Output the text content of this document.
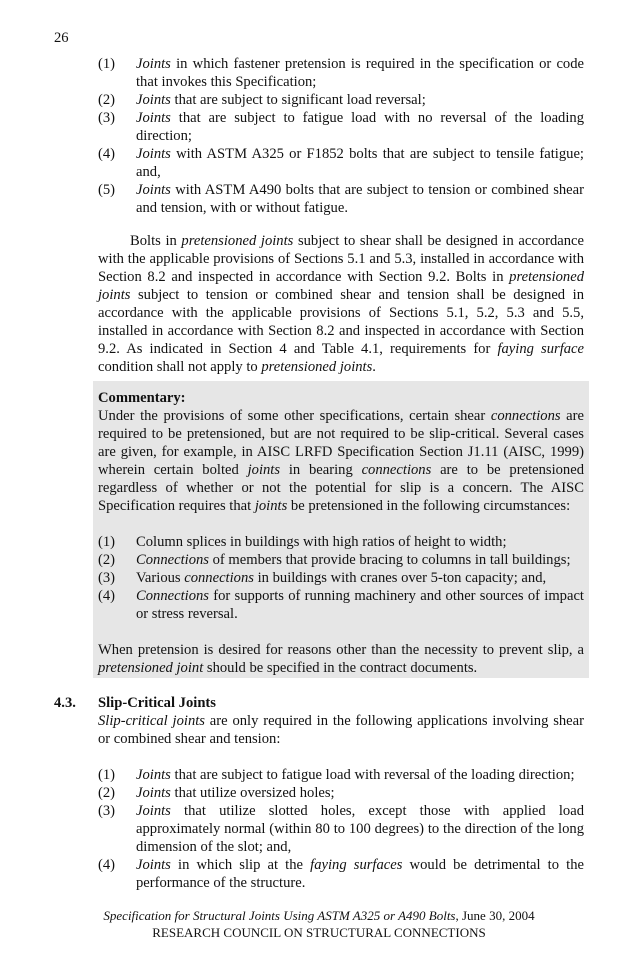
26
(1)	Joints in which fastener pretension is required in the specification or code that invokes this Specification;
(2)	Joints that are subject to significant load reversal;
(3)	Joints that are subject to fatigue load with no reversal of the loading direction;
(4)	Joints with ASTM A325 or F1852 bolts that are subject to tensile fatigue; and,
(5)	Joints with ASTM A490 bolts that are subject to tension or combined shear and tension, with or without fatigue.

Bolts in pretensioned joints subject to shear shall be designed in accordance with the applicable provisions of Sections 5.1 and 5.3, installed in accordance with Section 8.2 and inspected in accordance with Section 9.2. Bolts in pretensioned joints subject to tension or combined shear and tension shall be designed in accordance with the applicable provisions of Sections 5.1, 5.2, 5.3 and 5.5, installed in accordance with Section 8.2 and inspected in accordance with Section 9.2. As indicated in Section 4 and Table 4.1, requirements for faying surface condition shall not apply to pretensioned joints.

Commentary:

Under the provisions of some other specifications, certain shear connections are required to be pretensioned, but are not required to be slip-critical. Several cases are given, for example, in AISC LRFD Specification Section J1.11 (AISC, 1999) wherein certain bolted joints in bearing connections are to be pretensioned regardless of whether or not the potential for slip is a concern. The AISC Specification requires that joints be pretensioned in the following circumstances:

(1)	Column splices in buildings with high ratios of height to width;
(2)	Connections of members that provide bracing to columns in tall buildings;
(3)	Various connections in buildings with cranes over 5-ton capacity; and,
(4)	Connections for supports of running machinery and other sources of impact or stress reversal.

When pretension is desired for reasons other than the necessity to prevent slip, a pretensioned joint should be specified in the contract documents.

4.3. Slip-Critical Joints

Slip-critical joints are only required in the following applications involving shear or combined shear and tension:

(1)	Joints that are subject to fatigue load with reversal of the loading direction;
(2)	Joints that utilize oversized holes;
(3)	Joints that utilize slotted holes, except those with applied load approximately normal (within 80 to 100 degrees) to the direction of the long dimension of the slot; and,
(4)	Joints in which slip at the faying surfaces would be detrimental to the performance of the structure.
Specification for Structural Joints Using ASTM A325 or A490 Bolts, June 30, 2004
RESEARCH COUNCIL ON STRUCTURAL CONNECTIONS
